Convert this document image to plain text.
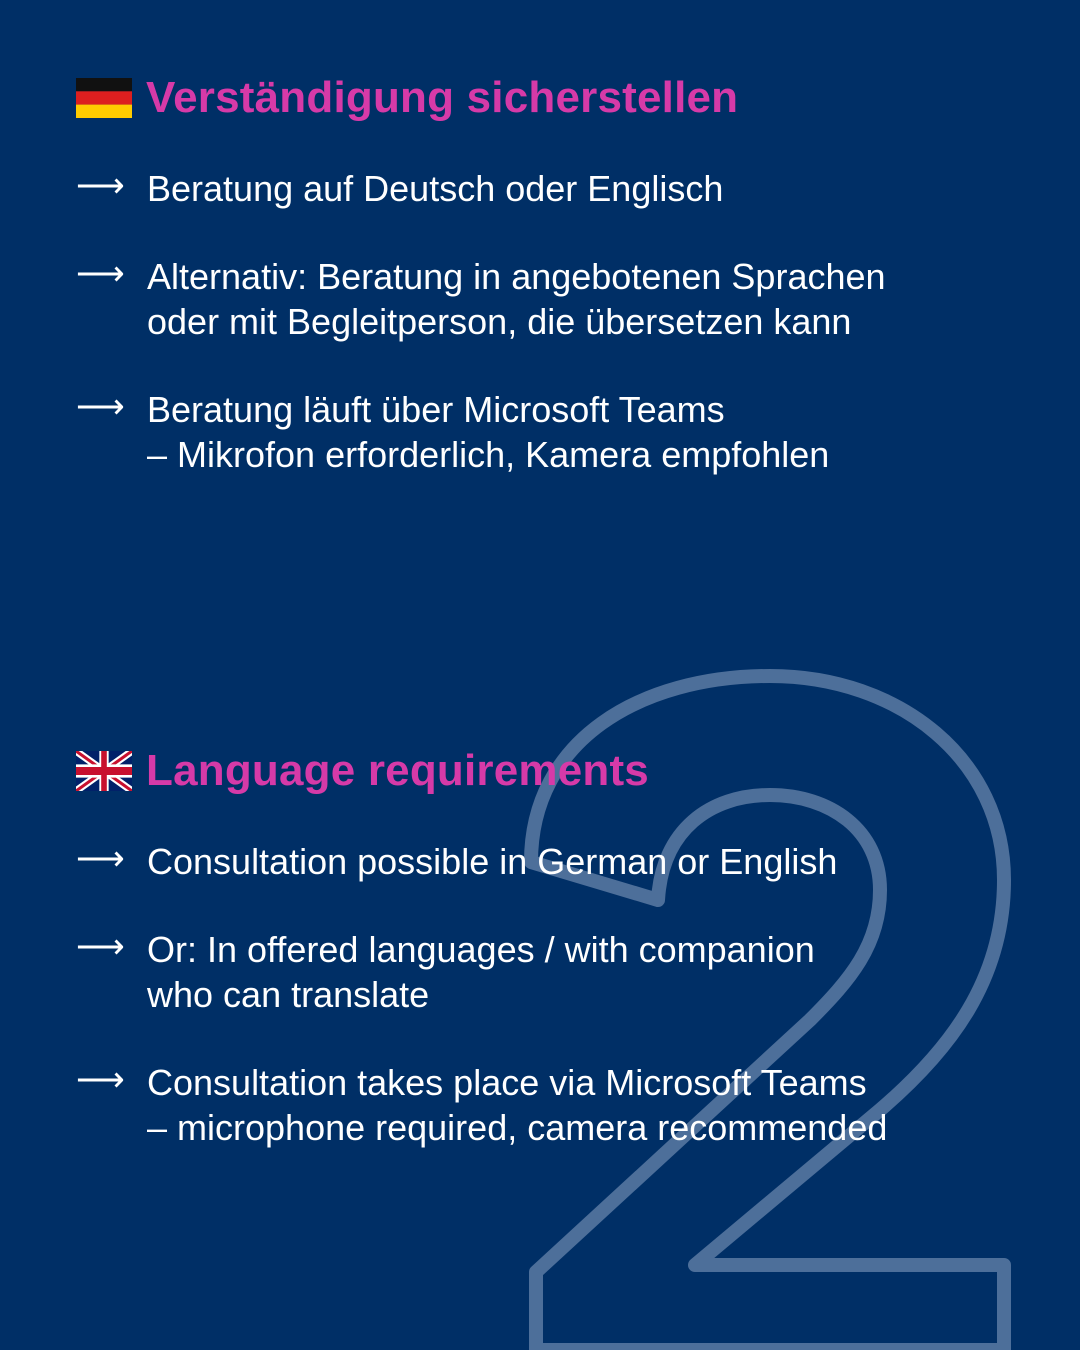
Verständigung sicherstellen
⟶ Beratung auf Deutsch oder Englisch
⟶ Alternativ: Beratung in angebotenen Sprachen
oder mit Begleitperson, die übersetzen kann
⟶ Beratung läuft über Microsoft Teams
– Mikrofon erforderlich, Kamera empfohlen
Language requirements
⟶ Consultation possible in German or English
⟶ Or: In offered languages / with companion
who can translate
⟶ Consultation takes place via Microsoft Teams
– microphone required, camera recommended
